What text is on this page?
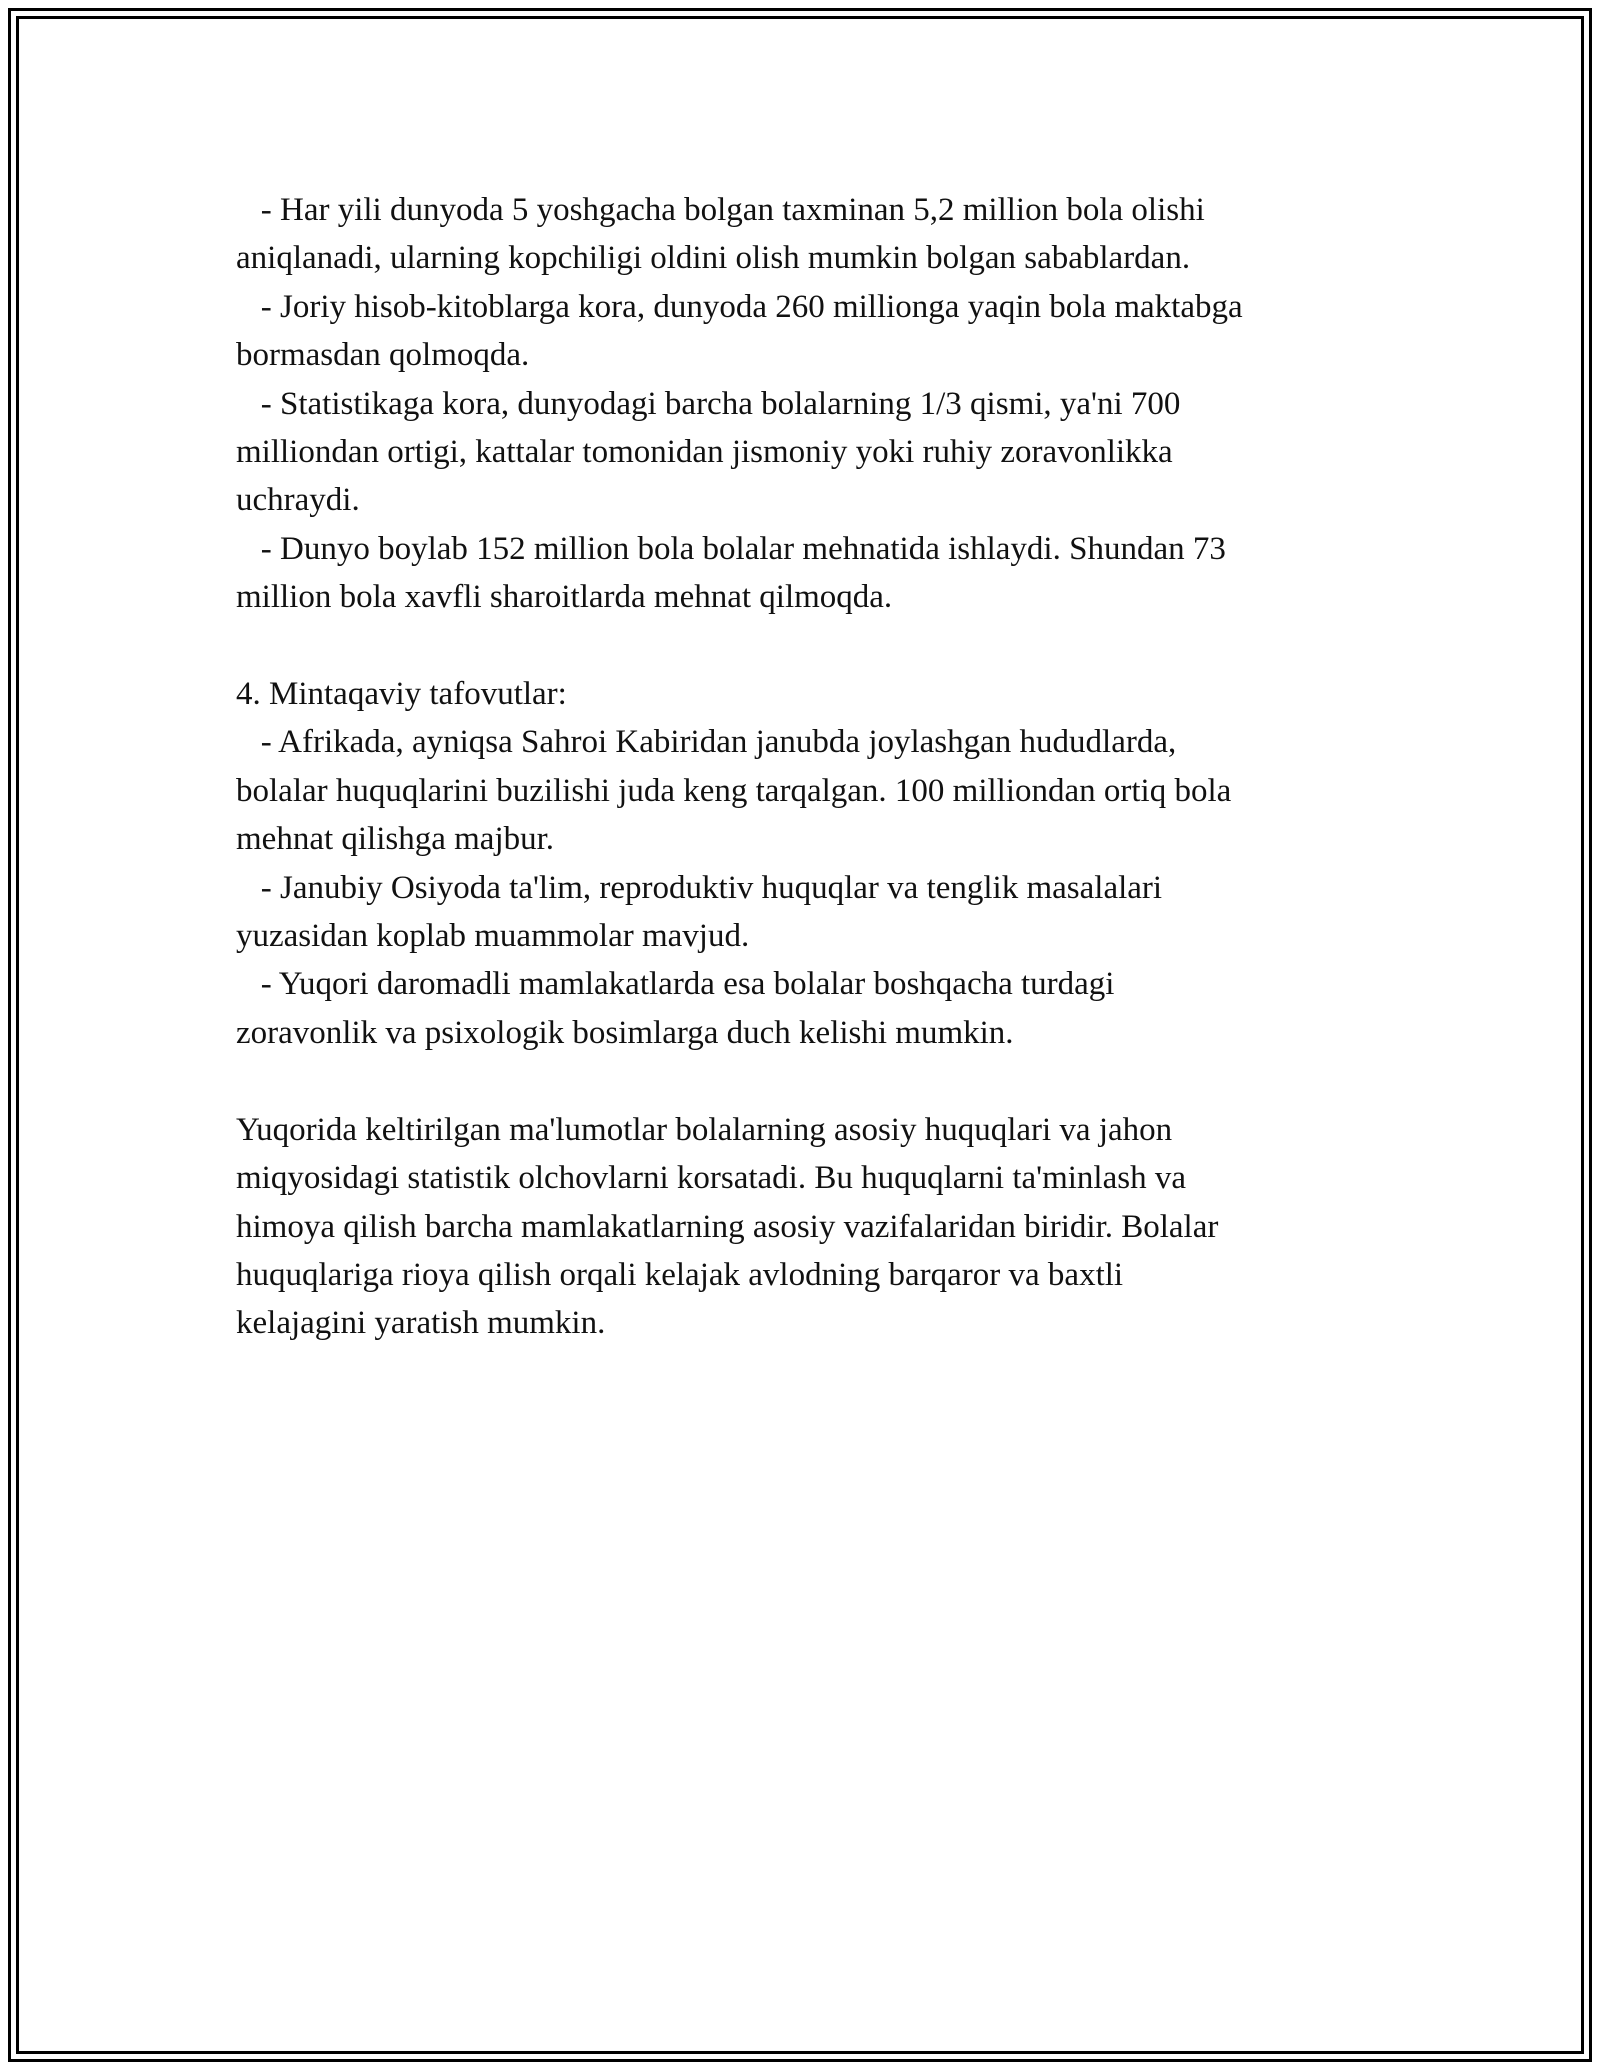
- Har yili dunyoda 5 yoshgacha bolgan taxminan 5,2 million bola olishi
aniqlanadi, ularning kopchiligi oldini olish mumkin bolgan sabablardan.
- Joriy hisob-kitoblarga kora, dunyoda 260 millionga yaqin bola maktabga
bormasdan qolmoqda.
- Statistikaga kora, dunyodagi barcha bolalarning 1/3 qismi, ya'ni 700
milliondan ortigi, kattalar tomonidan jismoniy yoki ruhiy zoravonlikka
uchraydi.
- Dunyo boylab 152 million bola bolalar mehnatida ishlaydi. Shundan 73
million bola xavfli sharoitlarda mehnat qilmoqda.
4. Mintaqaviy tafovutlar:
- Afrikada, ayniqsa Sahroi Kabiridan janubda joylashgan hududlarda,
bolalar huquqlarini buzilishi juda keng tarqalgan. 100 milliondan ortiq bola
mehnat qilishga majbur.
- Janubiy Osiyoda ta'lim, reproduktiv huquqlar va tenglik masalalari
yuzasidan koplab muammolar mavjud.
- Yuqori daromadli mamlakatlarda esa bolalar boshqacha turdagi
zoravonlik va psixologik bosimlarga duch kelishi mumkin.
Yuqorida keltirilgan ma'lumotlar bolalarning asosiy huquqlari va jahon
miqyosidagi statistik olchovlarni korsatadi. Bu huquqlarni ta'minlash va
himoya qilish barcha mamlakatlarning asosiy vazifalaridan biridir. Bolalar
huquqlariga rioya qilish orqali kelajak avlodning barqaror va baxtli
kelajagini yaratish mumkin.
